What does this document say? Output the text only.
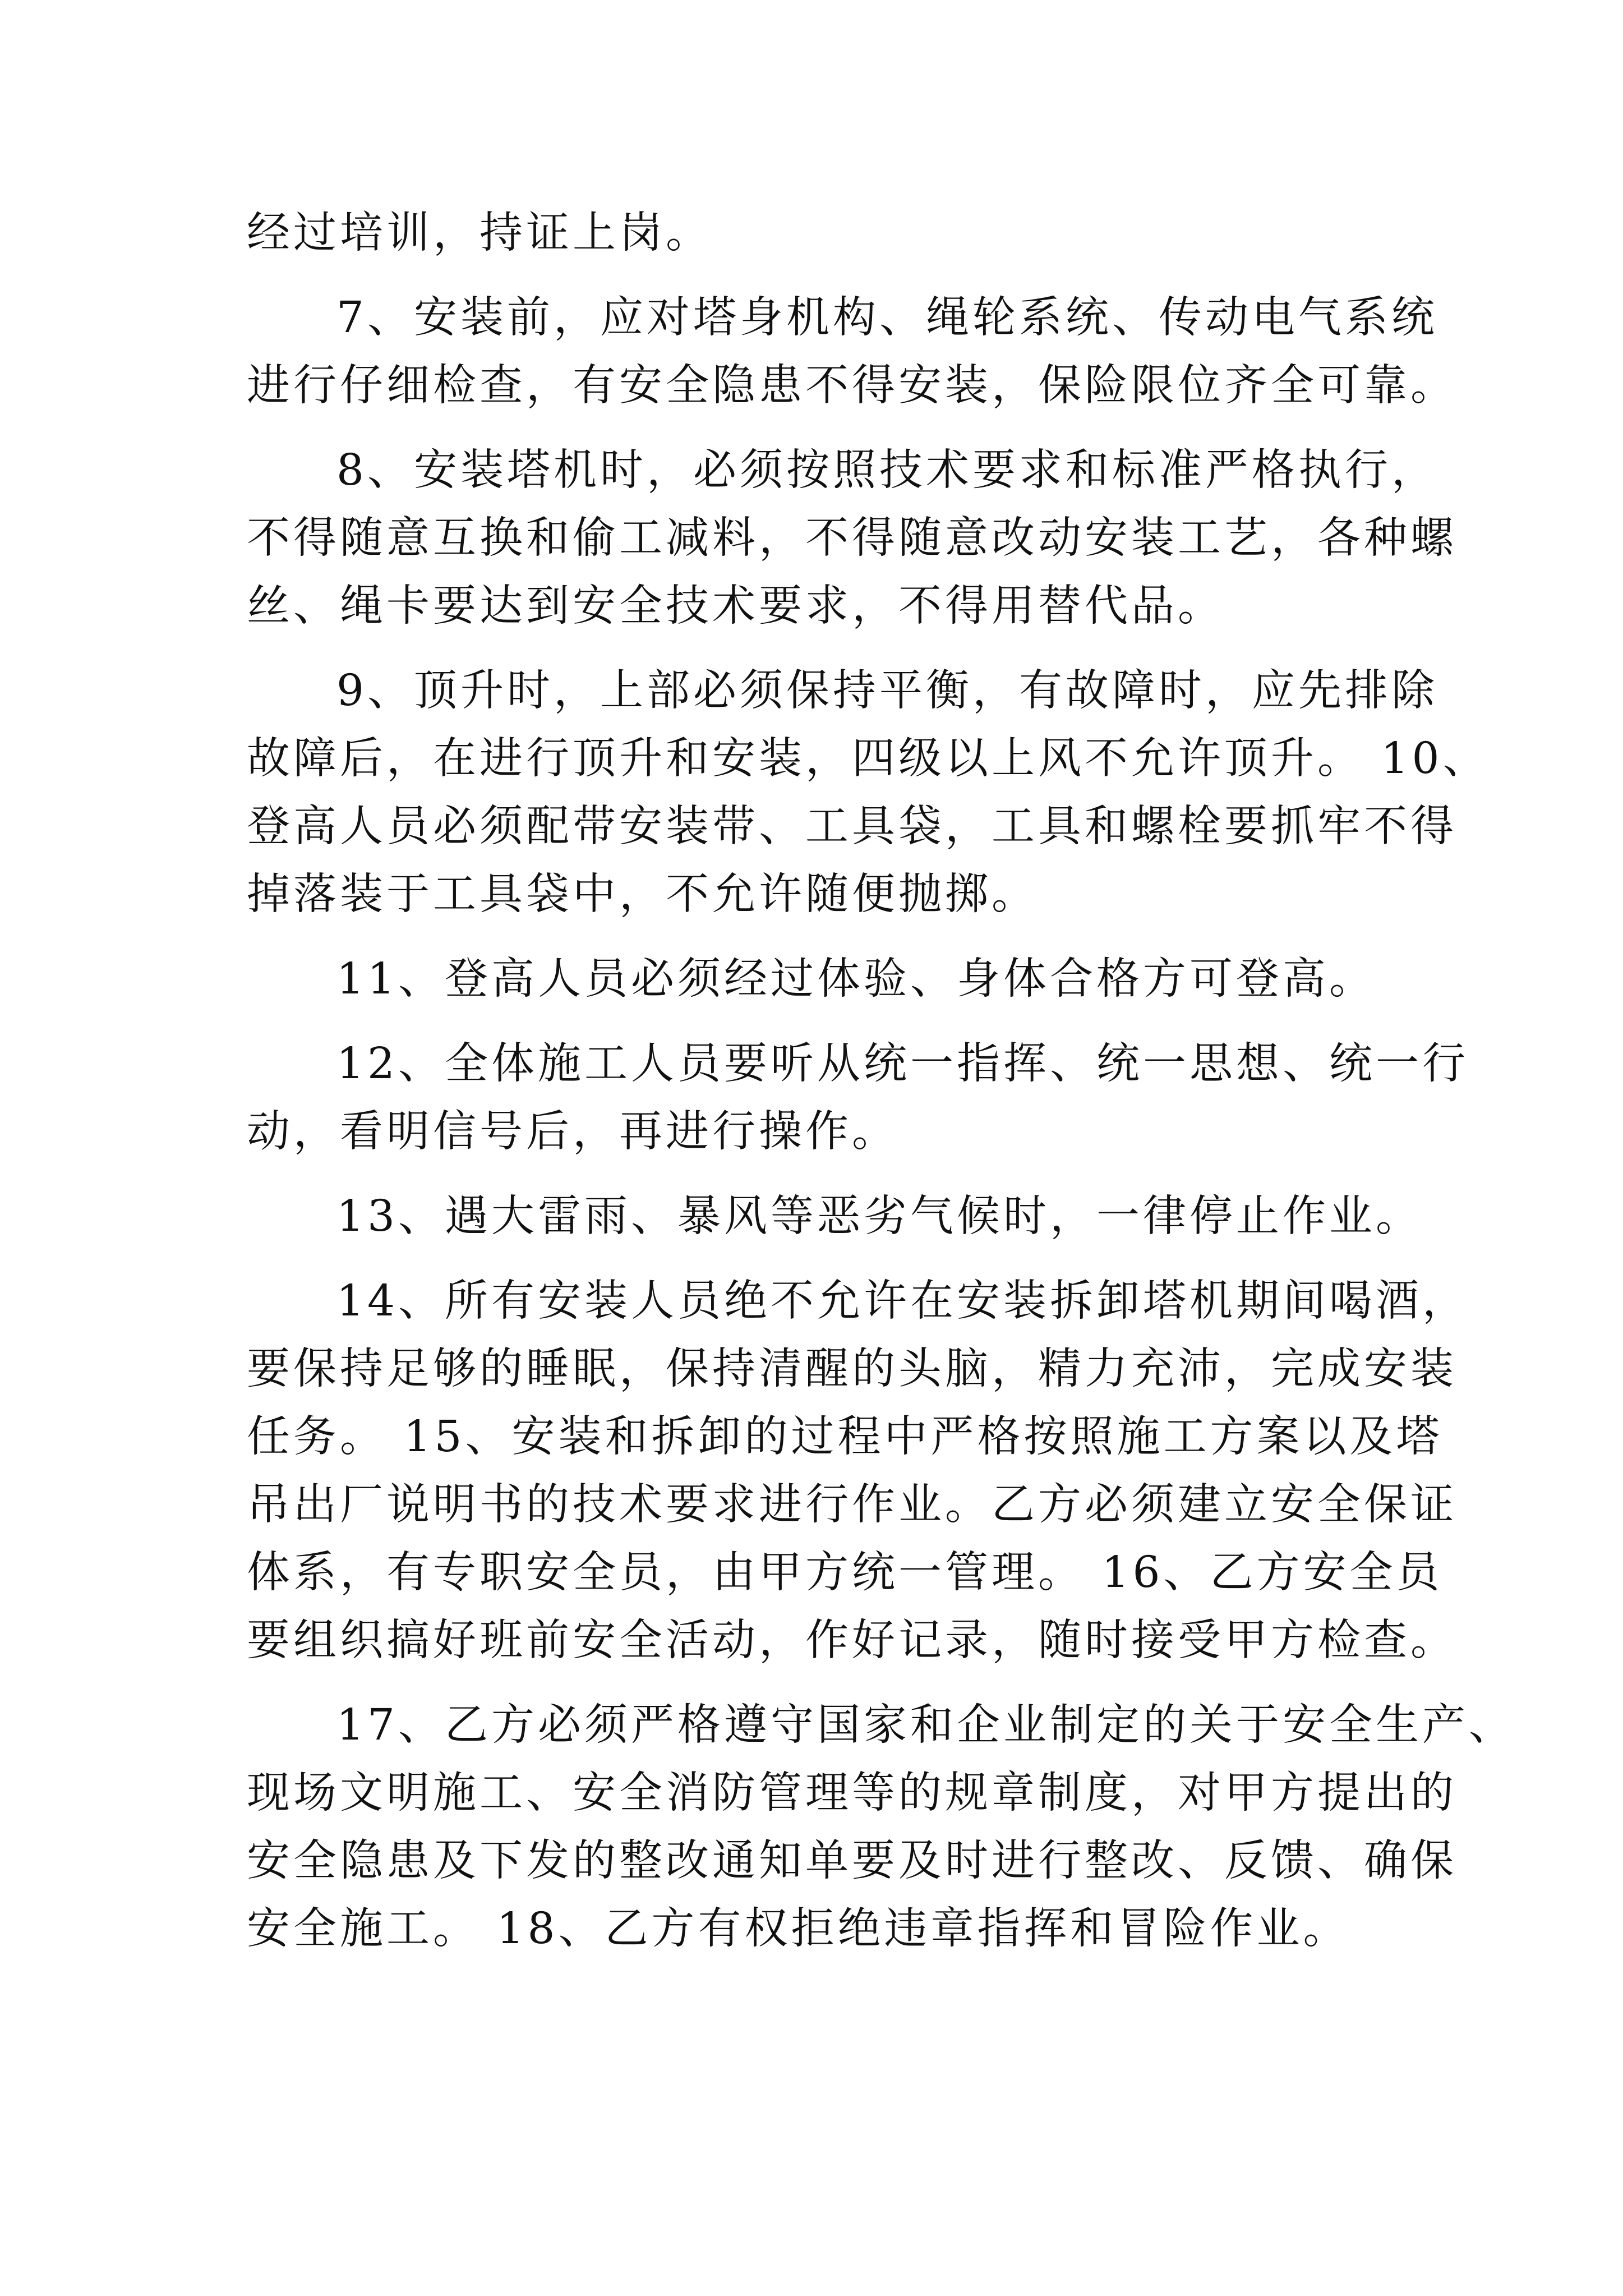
经过培训，持证上岗。
7、安装前，应对塔身机构、绳轮系统、传动电气系统
进行仔细检查，有安全隐患不得安装，保险限位齐全可靠。
8、安装塔机时，必须按照技术要求和标准严格执行，
不得随意互换和偷工减料，不得随意改动安装工艺，各种螺
丝、绳卡要达到安全技术要求，不得用替代品。
9、顶升时，上部必须保持平衡，有故障时，应先排除
故障后，在进行顶升和安装，四级以上风不允许顶升。 10、
登高人员必须配带安装带、工具袋，工具和螺栓要抓牢不得
掉落装于工具袋中，不允许随便抛掷。
11、登高人员必须经过体验、身体合格方可登高。
12、全体施工人员要听从统一指挥、统一思想、统一行
动，看明信号后，再进行操作。
13、遇大雷雨、暴风等恶劣气候时，一律停止作业。
14、所有安装人员绝不允许在安装拆卸塔机期间喝酒，
要保持足够的睡眠，保持清醒的头脑，精力充沛，完成安装
任务。 15、安装和拆卸的过程中严格按照施工方案以及塔
吊出厂说明书的技术要求进行作业。乙方必须建立安全保证
体系，有专职安全员，由甲方统一管理。 16、乙方安全员
要组织搞好班前安全活动，作好记录，随时接受甲方检查。
17、乙方必须严格遵守国家和企业制定的关于安全生产、
现场文明施工、安全消防管理等的规章制度，对甲方提出的
安全隐患及下发的整改通知单要及时进行整改、反馈、确保
安全施工。 18、乙方有权拒绝违章指挥和冒险作业。
